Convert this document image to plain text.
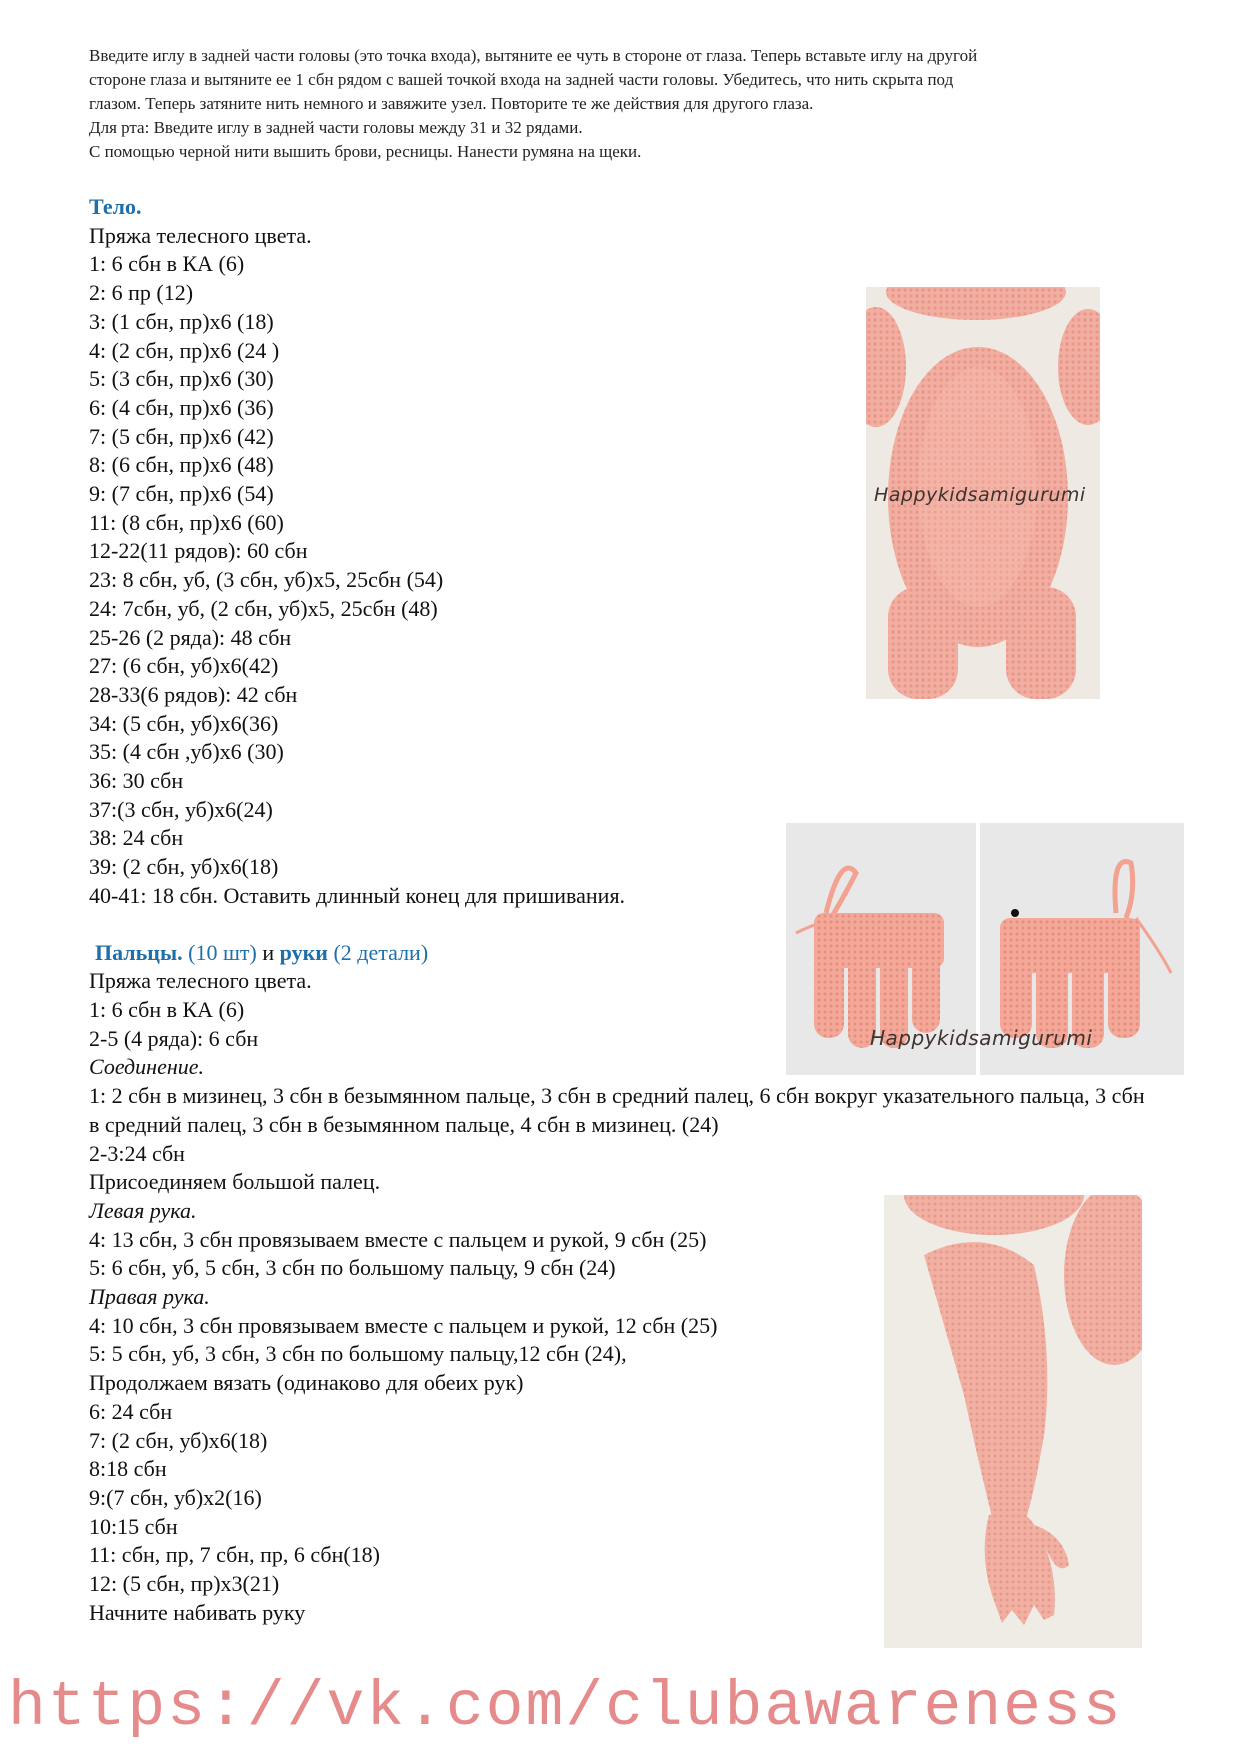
Введите иглу в задней части головы (это точка входа), вытяните ее чуть в стороне от глаза. Теперь вставьте иглу на другой

стороне глаза и вытяните ее 1 сбн рядом с вашей точкой входа на задней части головы. Убедитесь, что нить скрыта под

глазом. Теперь затяните нить немного и завяжите узел. Повторите те же действия для другого глаза.

Для рта: Введите иглу в задней части головы между 31 и 32 рядами.

С помощью черной нити вышить брови, ресницы. Нанести румяна на щеки.

Тело.

Пряжа телесного цвета.

1: 6 сбн в КА (6)

2: 6 пр (12)

3: (1 сбн, пр)х6 (18)

4: (2 сбн, пр)х6 (24 )

5: (3 сбн, пр)х6 (30)

6: (4 сбн, пр)х6 (36)

7: (5 сбн, пр)х6 (42)

8: (6 сбн, пр)х6 (48)

9: (7 сбн, пр)х6 (54)

11: (8 сбн, пр)х6 (60)

12-22(11 рядов): 60 сбн

23: 8 сбн, уб, (3 сбн, уб)х5, 25сбн (54)

24: 7сбн, уб, (2 сбн, уб)х5, 25сбн (48)

25-26 (2 ряда): 48 сбн

27: (6 сбн, уб)х6(42)

28-33(6 рядов): 42 сбн

34: (5 сбн, уб)х6(36)

35: (4 сбн ,уб)х6 (30)

36: 30 сбн

37:(3 сбн, уб)х6(24)

38: 24 сбн

39: (2 сбн, уб)х6(18)

40-41: 18 сбн. Оставить длинный конец для пришивания.

Пальцы. (10 шт) и руки (2 детали)

Пряжа телесного цвета.

1: 6 сбн в КА (6)

2-5 (4 ряда): 6 сбн

Соединение.

1: 2 сбн в мизинец, 3 сбн в безымянном пальце, 3 сбн в средний палец, 6 сбн вокруг указательного пальца, 3 сбн в средний палец, 3 сбн в безымянном пальце, 4 сбн в мизинец. (24)

2-3:24 сбн

Присоединяем большой палец.

Левая рука.

4: 13 сбн, 3 сбн провязываем вместе с пальцем и рукой, 9 сбн (25)

5: 6 сбн, уб, 5 сбн, 3 сбн по большому пальцу, 9 сбн (24)

Правая рука.

4: 10 сбн, 3 сбн провязываем вместе с пальцем и рукой, 12 сбн (25)

5: 5 сбн, уб, 3 сбн, 3 сбн по большому пальцу,12 сбн (24),

Продолжаем вязать (одинаково для обеих рук)

6: 24 сбн

7: (2 сбн, уб)х6(18)

8:18 сбн

9:(7 сбн, уб)х2(16)

10:15 сбн

11: сбн, пр, 7 сбн, пр, 6 сбн(18)

12: (5 сбн, пр)х3(21)

Начните набивать руку

Happykidsamigurumi
Happykidsamigurumi
https://vk.com/clubawareness
